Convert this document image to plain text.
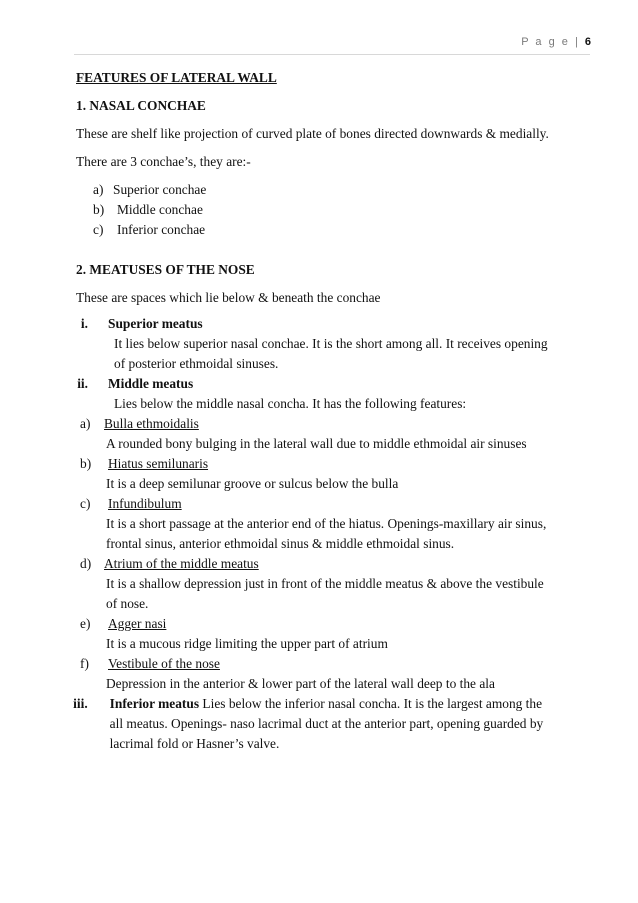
P a g e | 6

FEATURES OF LATERAL WALL

1. NASAL CONCHAE

These are shelf like projection of curved plate of bones directed downwards & medially.

There are 3 conchae’s, they are:-

a) Superior conchae
b) Middle conchae
c)	Inferior conchae

2. MEATUSES OF THE NOSE

These are spaces which lie below & beneath the conchae

i. Superior meatus
It lies below superior nasal conchae. It is the short among all. It receives opening
of posterior ethmoidal sinuses.
ii. Middle meatus
Lies below the middle nasal concha. It has the following features:
a)	Bulla ethmoidalis
A rounded bony bulging in the lateral wall due to middle ethmoidal air sinuses
b)	Hiatus semilunaris
It is a deep semilunar groove or sulcus below the bulla
c)	Infundibulum
It is a short passage at the anterior end of the hiatus. Openings-maxillary air sinus,
frontal sinus, anterior ethmoidal sinus & middle ethmoidal sinus.
d) Atrium of the middle meatus
It is a shallow depression just in front of the middle meatus & above the vestibule
of nose.
e)	Agger nasi
It is a mucous ridge limiting the upper part of atrium
f)	Vestibule of the nose
Depression in the anterior & lower part of the lateral wall deep to the ala
iii. Inferior meatus Lies below the inferior nasal concha. It is the largest among the
all meatus. Openings- naso lacrimal duct at the anterior part, opening guarded by
lacrimal fold or Hasner’s valve.
